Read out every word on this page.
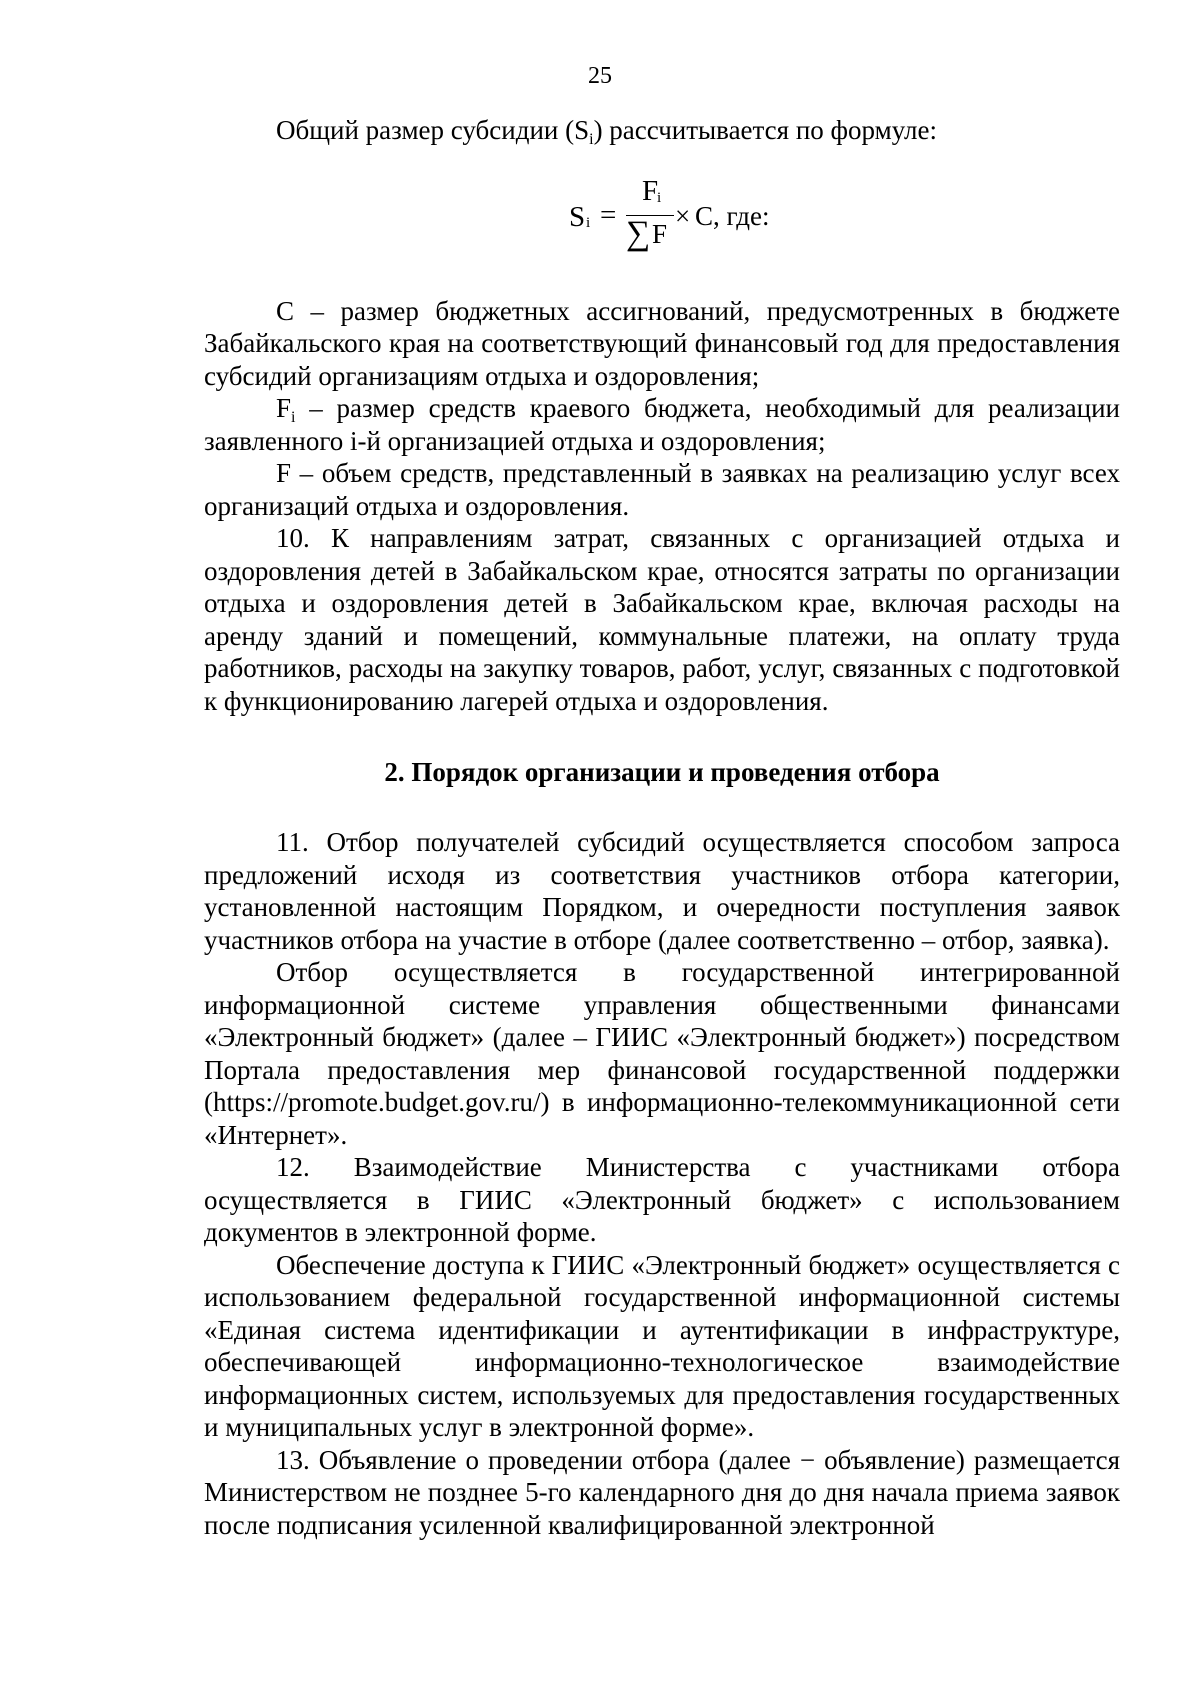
25

Общий размер субсидии $(S_i)$ рассчитывается по формуле:

S i =
F
i
∑ F
× C, где:

C – размер бюджетных ассигнований, предусмотренных в бюджете Забайкальского края на соответствующий финансовый год для предоставления субсидий организациям отдыха и оздоровления;

$F_i$ – размер средств краевого бюджета, необходимый для реализации заявленного i-й организацией отдыха и оздоровления;

F – объем средств, представленный в заявках на реализацию услуг всех организаций отдыха и оздоровления.

10. К направлениям затрат, связанных с организацией отдыха и оздоровления детей в Забайкальском крае, относятся затраты по организации отдыха и оздоровления детей в Забайкальском крае, включая расходы на аренду зданий и помещений, коммунальные платежи, на оплату труда работников, расходы на закупку товаров, работ, услуг, связанных с подготовкой к функционированию лагерей отдыха и оздоровления.

2. Порядок организации и проведения отбора

11. Отбор получателей субсидий осуществляется способом запроса предложений исходя из соответствия участников отбора категории, установленной настоящим Порядком, и очередности поступления заявок участников отбора на участие в отборе (далее соответственно – отбор, заявка).

Отбор осуществляется в государственной интегрированной информационной системе управления общественными финансами «Электронный бюджет» (далее – ГИИС «Электронный бюджет») посредством Портала предоставления мер финансовой государственной поддержки (https://promote.budget.gov.ru/) в информационно-телекоммуникационной сети «Интернет».

12. Взаимодействие Министерства с участниками отбора осуществляется в ГИИС «Электронный бюджет» с использованием документов в электронной форме.

Обеспечение доступа к ГИИС «Электронный бюджет» осуществляется с использованием федеральной государственной информационной системы «Единая система идентификации и аутентификации в инфраструктуре, обеспечивающей информационно-технологическое взаимодействие информационных систем, используемых для предоставления государственных и муниципальных услуг в электронной форме».

13. Объявление о проведении отбора (далее − объявление) размещается Министерством не позднее 5-го календарного дня до дня начала приема заявок после подписания усиленной квалифицированной электронной
